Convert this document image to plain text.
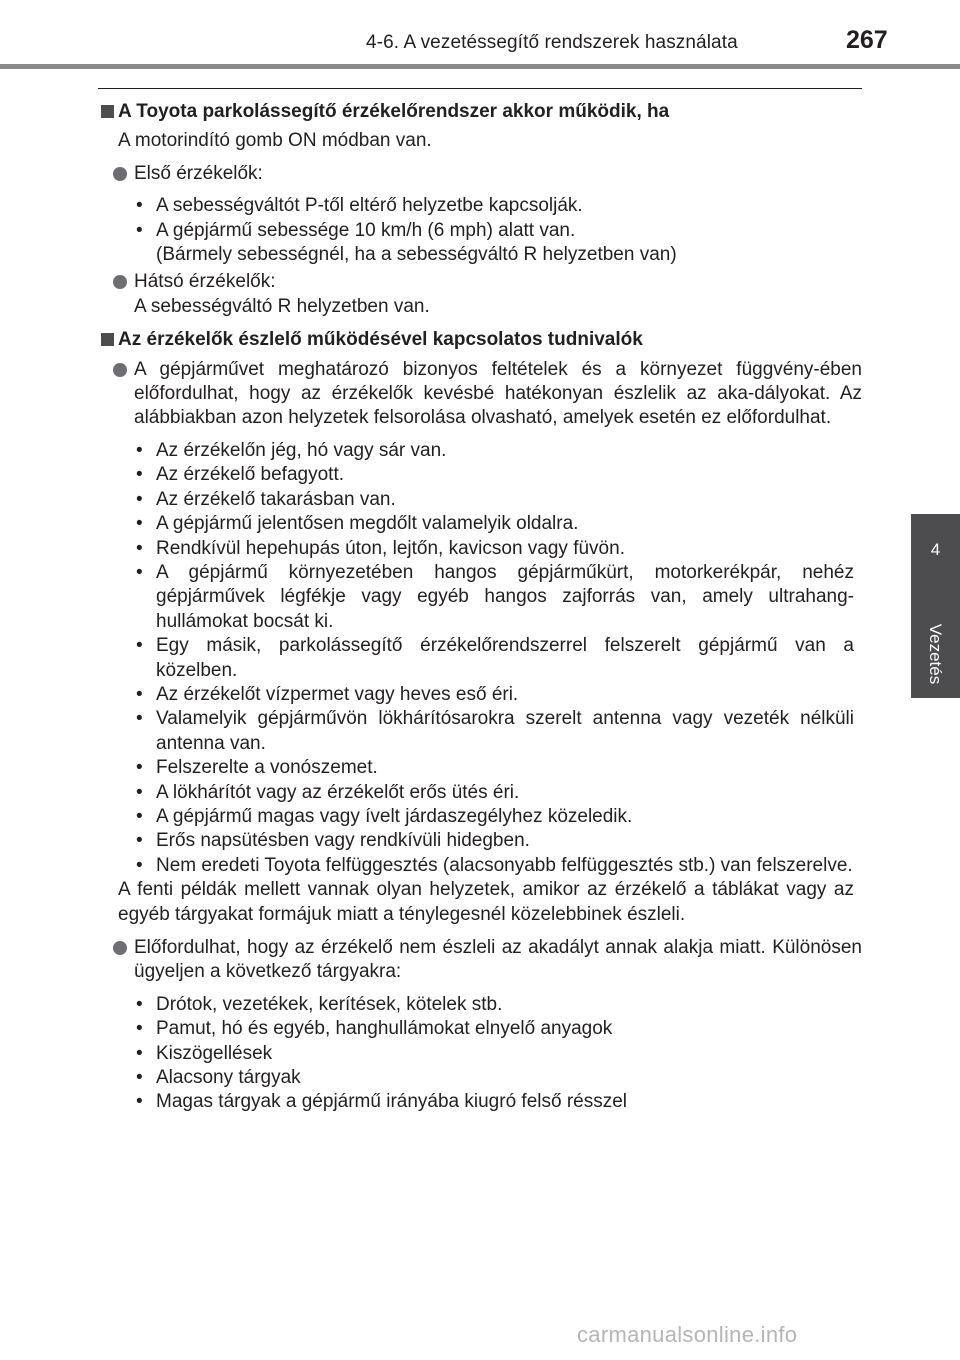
4-6. A vezetéssegítő rendszerek használata	267
4
Vezetés
A Toyota parkolássegítő érzékelőrendszer akkor működik, ha
A motorindító gomb ON módban van.
Első érzékelők:
• A sebességváltót P-től eltérő helyzetbe kapcsolják.
• A gépjármű sebessége 10 km/h (6 mph) alatt van.
(Bármely sebességnél, ha a sebességváltó R helyzetben van)
Hátsó érzékelők:
A sebességváltó R helyzetben van.
Az érzékelők észlelő működésével kapcsolatos tudnivalók
A gépjárművet meghatározó bizonyos feltételek és a környezet függvény-ében előfordulhat, hogy az érzékelők kevésbé hatékonyan észlelik az aka-dályokat. Az alábbiakban azon helyzetek felsorolása olvasható, amelyek esetén ez előfordulhat.
• Az érzékelőn jég, hó vagy sár van.
• Az érzékelő befagyott.
• Az érzékelő takarásban van.
• A gépjármű jelentősen megdőlt valamelyik oldalra.
• Rendkívül hepehupás úton, lejtőn, kavicson vagy füvön.
• A gépjármű környezetében hangos gépjárműkürt, motorkerékpár, nehéz gépjárművek légfékje vagy egyéb hangos zajforrás van, amely ultrahang-hullámokat bocsát ki.
• Egy másik, parkolássegítő érzékelőrendszerrel felszerelt gépjármű van a közelben.
• Az érzékelőt vízpermet vagy heves eső éri.
• Valamelyik gépjárművön lökhárítósarokra szerelt antenna vagy vezeték nélküli antenna van.
• Felszerelte a vonószemet.
• A lökhárítót vagy az érzékelőt erős ütés éri.
• A gépjármű magas vagy ívelt járdaszegélyhez közeledik.
• Erős napsütésben vagy rendkívüli hidegben.
• Nem eredeti Toyota felfüggesztés (alacsonyabb felfüggesztés stb.) van felszerelve.
A fenti példák mellett vannak olyan helyzetek, amikor az érzékelő a táblákat vagy az egyéb tárgyakat formájuk miatt a ténylegesnél közelebbinek észleli.
Előfordulhat, hogy az érzékelő nem észleli az akadályt annak alakja miatt. Különösen ügyeljen a következő tárgyakra:
• Drótok, vezetékek, kerítések, kötelek stb.
• Pamut, hó és egyéb, hanghullámokat elnyelő anyagok
• Kiszögellések
• Alacsony tárgyak
• Magas tárgyak a gépjármű irányába kiugró felső résszel
carmanualsonline.info
